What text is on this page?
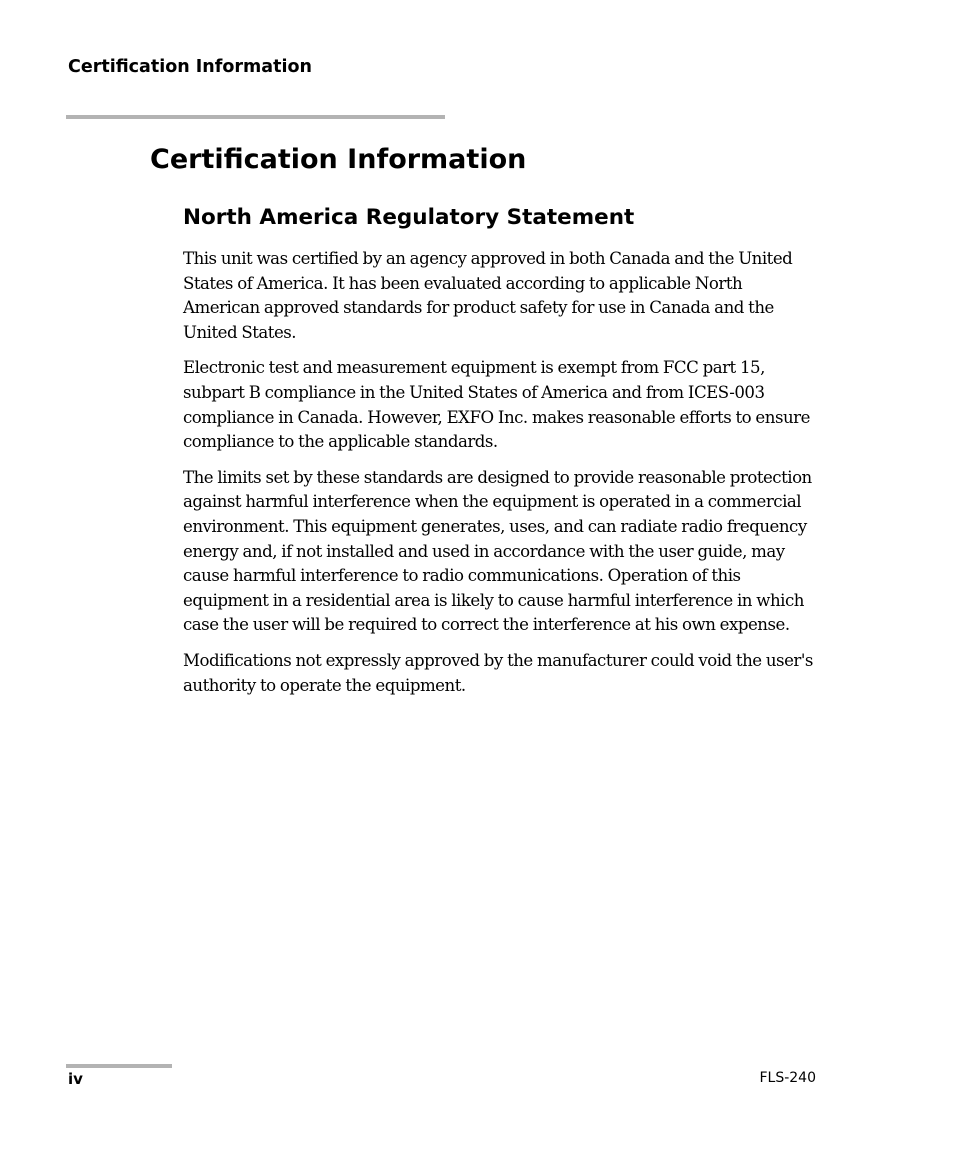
Certification Information
Certification Information
North America Regulatory Statement

This unit was certified by an agency approved in both Canada and the United States of America. It has been evaluated according to applicable North American approved standards for product safety for use in Canada and the United States.

Electronic test and measurement equipment is exempt from FCC part 15, subpart B compliance in the United States of America and from ICES-003 compliance in Canada. However, EXFO Inc. makes reasonable efforts to ensure compliance to the applicable standards.

The limits set by these standards are designed to provide reasonable protection against harmful interference when the equipment is operated in a commercial environment. This equipment generates, uses, and can radiate radio frequency energy and, if not installed and used in accordance with the user guide, may cause harmful interference to radio communications. Operation of this equipment in a residential area is likely to cause harmful interference in which case the user will be required to correct the interference at his own expense.

Modifications not expressly approved by the manufacturer could void the user's authority to operate the equipment.

iv	FLS-240
